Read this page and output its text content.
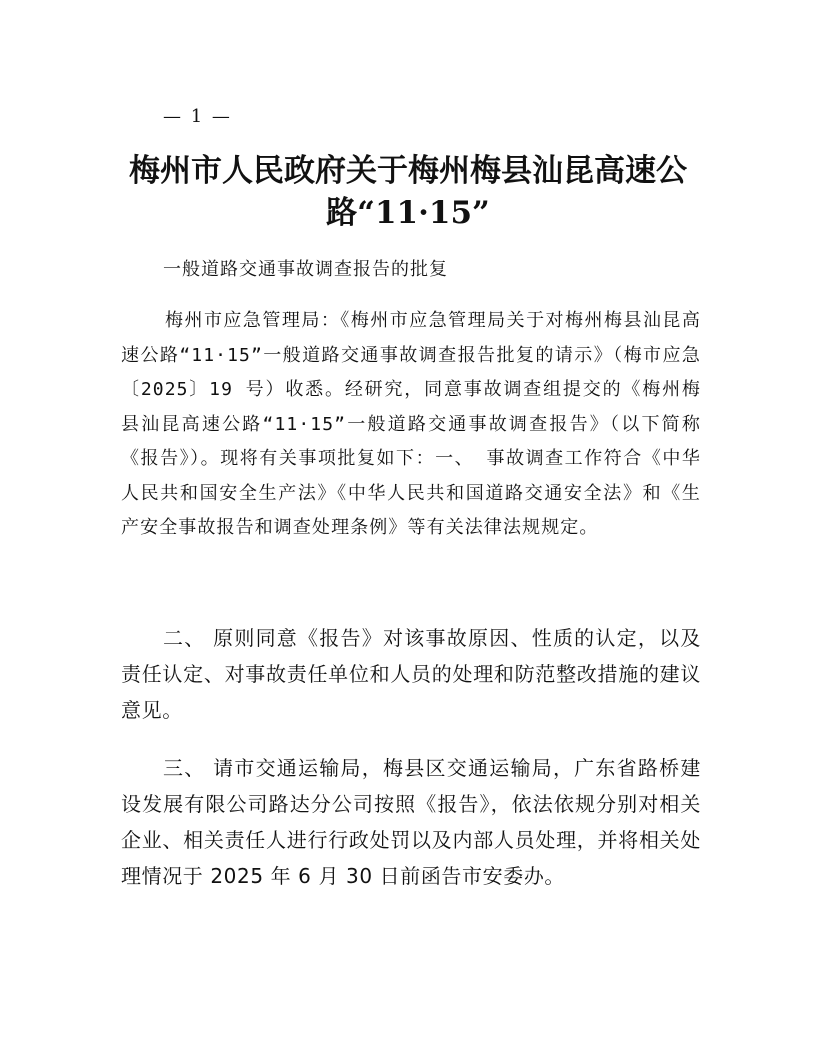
— 1 —
梅州市人民政府关于梅州梅县汕昆高速公路“11·15”
一般道路交通事故调查报告的批复

梅州市应急管理局：《梅州市应急管理局关于对梅州梅县汕昆高速公路“11·15”一般道路交通事故调查报告批复的请示》（梅市应急〔2025〕19 号）收悉。经研究，同意事故调查组提交的《梅州梅县汕昆高速公路“11·15”一般道路交通事故调查报告》（以下简称《报告》）。现将有关事项批复如下：一、 事故调查工作符合《中华人民共和国安全生产法》《中华人民共和国道路交通安全法》和《生产安全事故报告和调查处理条例》等有关法律法规规定。

二、 原则同意《报告》对该事故原因、性质的认定，以及责任认定、对事故责任单位和人员的处理和防范整改措施的建议意见。

三、 请市交通运输局，梅县区交通运输局，广东省路桥建设发展有限公司路达分公司按照《报告》，依法依规分别对相关企业、相关责任人进行行政处罚以及内部人员处理，并将相关处理情况于 2025 年 6 月 30 日前函告市安委办。
